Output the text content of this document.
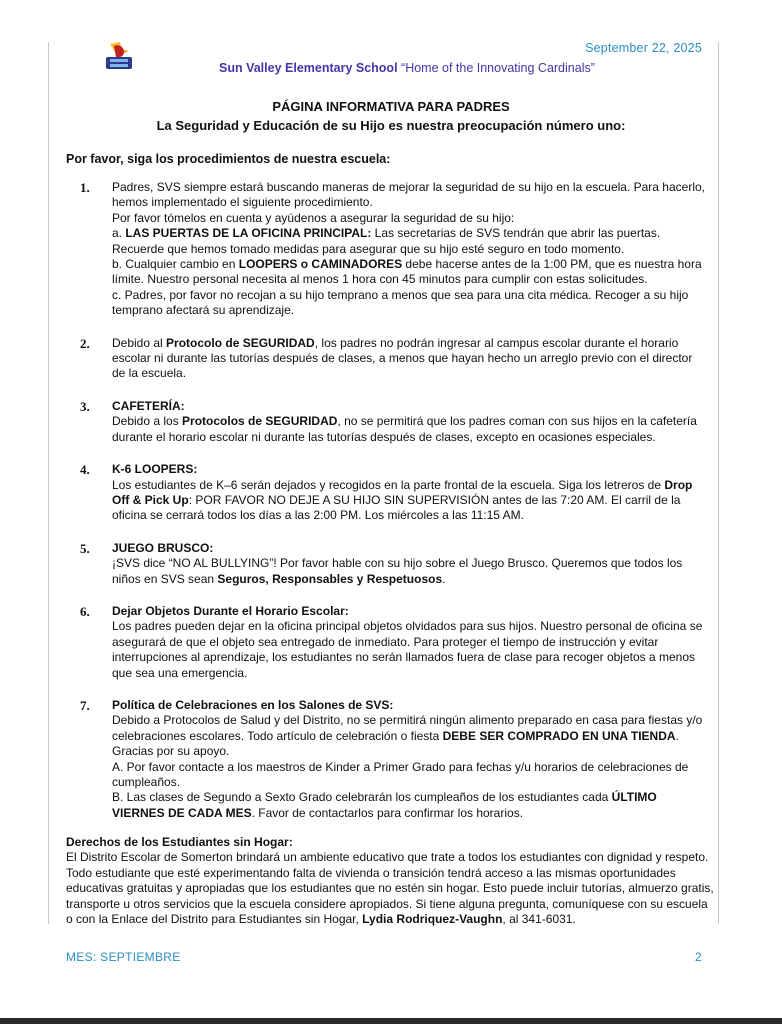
September 22, 2025
Sun Valley Elementary School “Home of the Innovating Cardinals”
PÁGINA INFORMATIVA PARA PADRES
La Seguridad y Educación de su Hijo es nuestra preocupación número uno:
Por favor, siga los procedimientos de nuestra escuela:
1.	Padres, SVS siempre estará buscando maneras de mejorar la seguridad de su hijo en la escuela. Para hacerlo, hemos implementado el siguiente procedimiento.

Por favor tómelos en cuenta y ayúdenos a asegurar la seguridad de su hijo:

a. LAS PUERTAS DE LA OFICINA PRINCIPAL: Las secretarias de SVS tendrán que abrir las puertas. Recuerde que hemos tomado medidas para asegurar que su hijo esté seguro en todo momento.

b. Cualquier cambio en LOOPERS o CAMINADORES debe hacerse antes de la 1:00 PM, que es nuestra hora límite. Nuestro personal necesita al menos 1 hora con 45 minutos para cumplir con estas solicitudes.

c. Padres, por favor no recojan a su hijo temprano a menos que sea para una cita médica. Recoger a su hijo temprano afectará su aprendizaje.

2.	Debido al Protocolo de SEGURIDAD, los padres no podrán ingresar al campus escolar durante el horario escolar ni durante las tutorías después de clases, a menos que hayan hecho un arreglo previo con el director de la escuela.

3.	CAFETERÍA:

Debido a los Protocolos de SEGURIDAD, no se permitirá que los padres coman con sus hijos en la cafetería durante el horario escolar ni durante las tutorías después de clases, excepto en ocasiones especiales.

4.	K-6 LOOPERS:

Los estudiantes de K–6 serán dejados y recogidos en la parte frontal de la escuela. Siga los letreros de Drop Off & Pick Up: POR FAVOR NO DEJE A SU HIJO SIN SUPERVISIÓN antes de las 7:20 AM. El carril de la oficina se cerrará todos los días a las 2:00 PM. Los miércoles a las 11:15 AM.

5.	JUEGO BRUSCO:

¡SVS dice “NO AL BULLYING”! Por favor hable con su hijo sobre el Juego Brusco. Queremos que todos los niños en SVS sean Seguros, Responsables y Respetuosos.

6.	Dejar Objetos Durante el Horario Escolar:

Los padres pueden dejar en la oficina principal objetos olvidados para sus hijos. Nuestro personal de oficina se asegurará de que el objeto sea entregado de inmediato. Para proteger el tiempo de instrucción y evitar interrupciones al aprendizaje, los estudiantes no serán llamados fuera de clase para recoger objetos a menos que sea una emergencia.

7.	Política de Celebraciones en los Salones de SVS:

Debido a Protocolos de Salud y del Distrito, no se permitirá ningún alimento preparado en casa para fiestas y/o celebraciones escolares. Todo artículo de celebración o fiesta DEBE SER COMPRADO EN UNA TIENDA. Gracias por su apoyo.

A. Por favor contacte a los maestros de Kinder a Primer Grado para fechas y/u horarios de celebraciones de cumpleaños.

B. Las clases de Segundo a Sexto Grado celebrarán los cumpleaños de los estudiantes cada ÚLTIMO VIERNES DE CADA MES. Favor de contactarlos para confirmar los horarios.

Derechos de los Estudiantes sin Hogar:

El Distrito Escolar de Somerton brindará un ambiente educativo que trate a todos los estudiantes con dignidad y respeto. Todo estudiante que esté experimentando falta de vivienda o transición tendrá acceso a las mismas oportunidades educativas gratuitas y apropiadas que los estudiantes que no estén sin hogar. Esto puede incluir tutorías, almuerzo gratis, transporte u otros servicios que la escuela considere apropiados. Si tiene alguna pregunta, comuníquese con su escuela o con la Enlace del Distrito para Estudiantes sin Hogar, Lydia Rodriquez-Vaughn, al 341-6031.

MES: SEPTIEMBRE	2
